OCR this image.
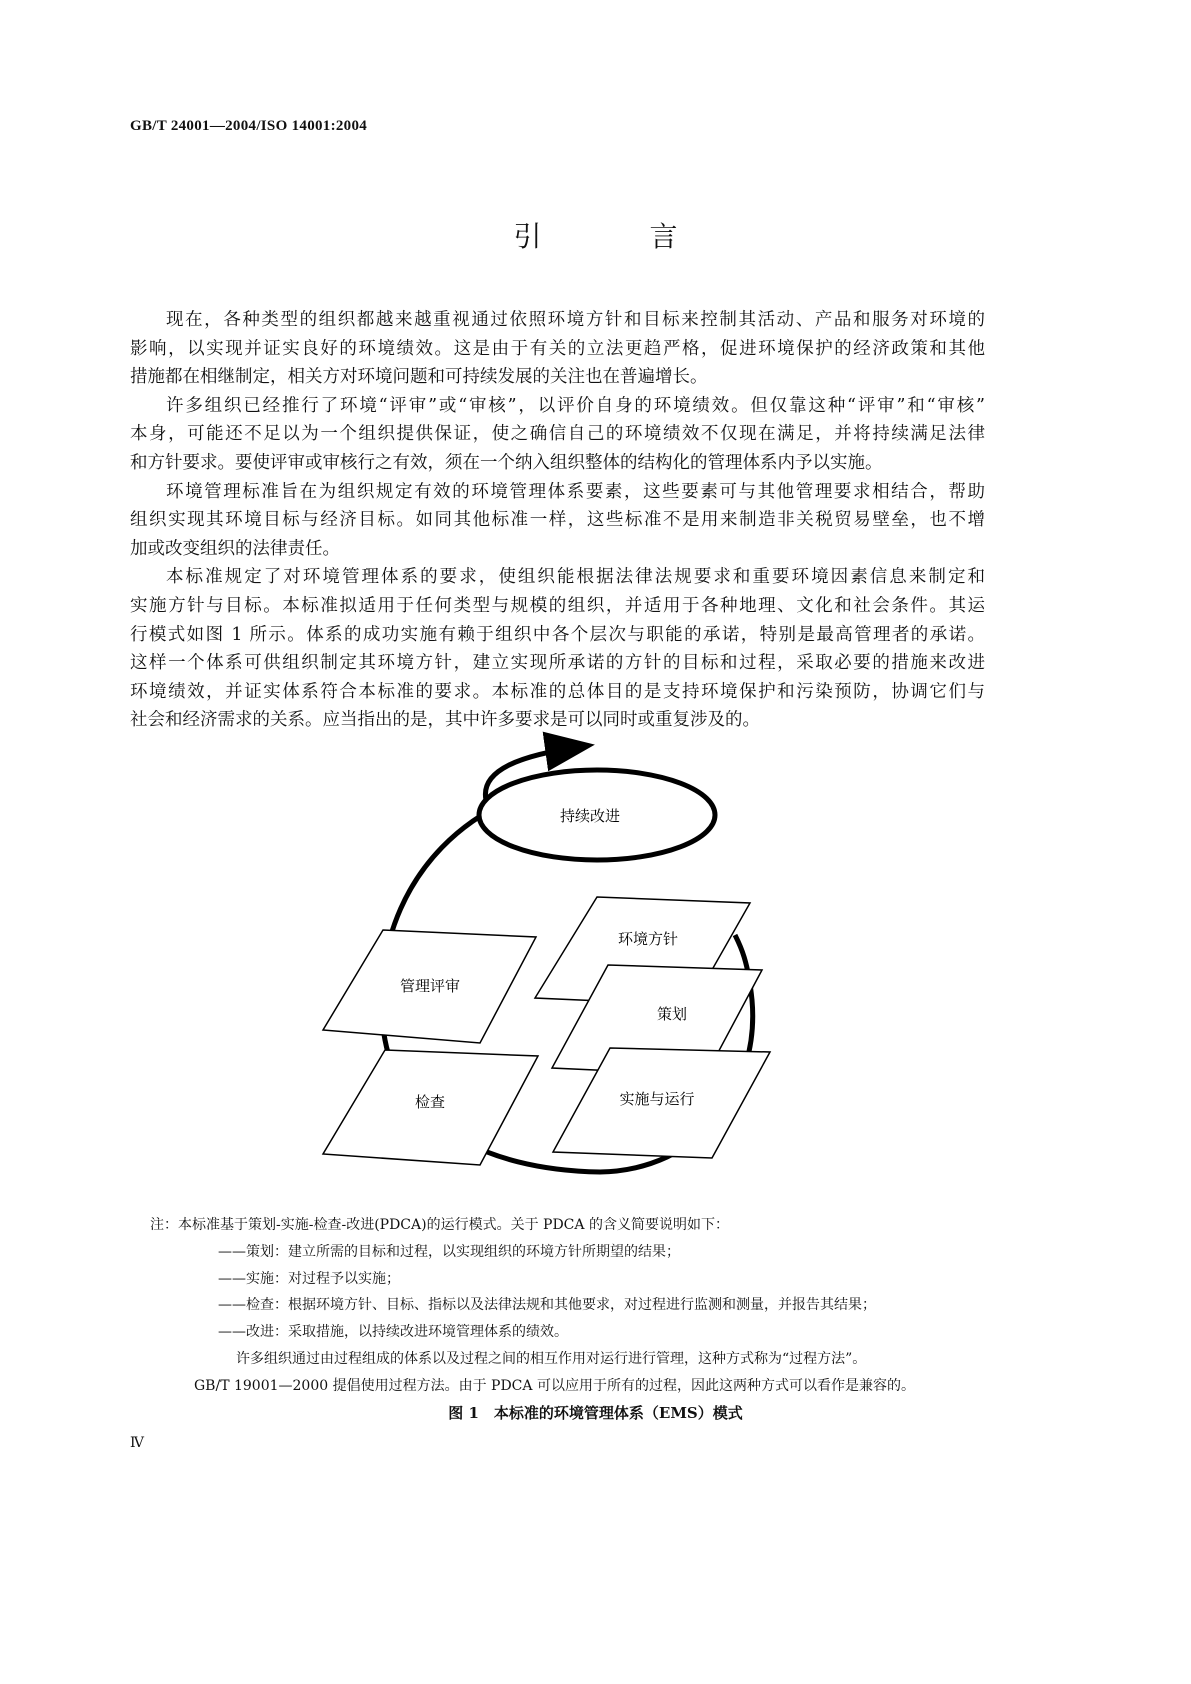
GB/T 24001—2004/ISO 14001:2004
引　言
现在，各种类型的组织都越来越重视通过依照环境方针和目标来控制其活动、产品和服务对环境的
影响，以实现并证实良好的环境绩效。这是由于有关的立法更趋严格，促进环境保护的经济政策和其他
措施都在相继制定，相关方对环境问题和可持续发展的关注也在普遍增长。
许多组织已经推行了环境“评审”或“审核”，以评价自身的环境绩效。但仅靠这种“评审”和“审核”
本身，可能还不足以为一个组织提供保证，使之确信自己的环境绩效不仅现在满足，并将持续满足法律
和方针要求。要使评审或审核行之有效，须在一个纳入组织整体的结构化的管理体系内予以实施。
环境管理标准旨在为组织规定有效的环境管理体系要素，这些要素可与其他管理要求相结合，帮助
组织实现其环境目标与经济目标。如同其他标准一样，这些标准不是用来制造非关税贸易壁垒，也不增
加或改变组织的法律责任。
本标准规定了对环境管理体系的要求，使组织能根据法律法规要求和重要环境因素信息来制定和
实施方针与目标。本标准拟适用于任何类型与规模的组织，并适用于各种地理、文化和社会条件。其运
行模式如图 1 所示。体系的成功实施有赖于组织中各个层次与职能的承诺，特别是最高管理者的承诺。
这样一个体系可供组织制定其环境方针，建立实现所承诺的方针的目标和过程，采取必要的措施来改进
环境绩效，并证实体系符合本标准的要求。本标准的总体目的是支持环境保护和污染预防，协调它们与
社会和经济需求的关系。应当指出的是，其中许多要求是可以同时或重复涉及的。
持续改进
管理评审
检查
环境方针
策划
实施与运行
注：本标准基于策划-实施-检查-改进(PDCA)的运行模式。关于 PDCA 的含义简要说明如下：
——策划：建立所需的目标和过程，以实现组织的环境方针所期望的结果；
——实施：对过程予以实施；
——检查：根据环境方针、目标、指标以及法律法规和其他要求，对过程进行监测和测量，并报告其结果；
——改进：采取措施，以持续改进环境管理体系的绩效。
许多组织通过由过程组成的体系以及过程之间的相互作用对运行进行管理，这种方式称为“过程方法”。
GB/T 19001—2000 提倡使用过程方法。由于 PDCA 可以应用于所有的过程，因此这两种方式可以看作是兼容的。
图 1　本标准的环境管理体系（EMS）模式
Ⅳ
